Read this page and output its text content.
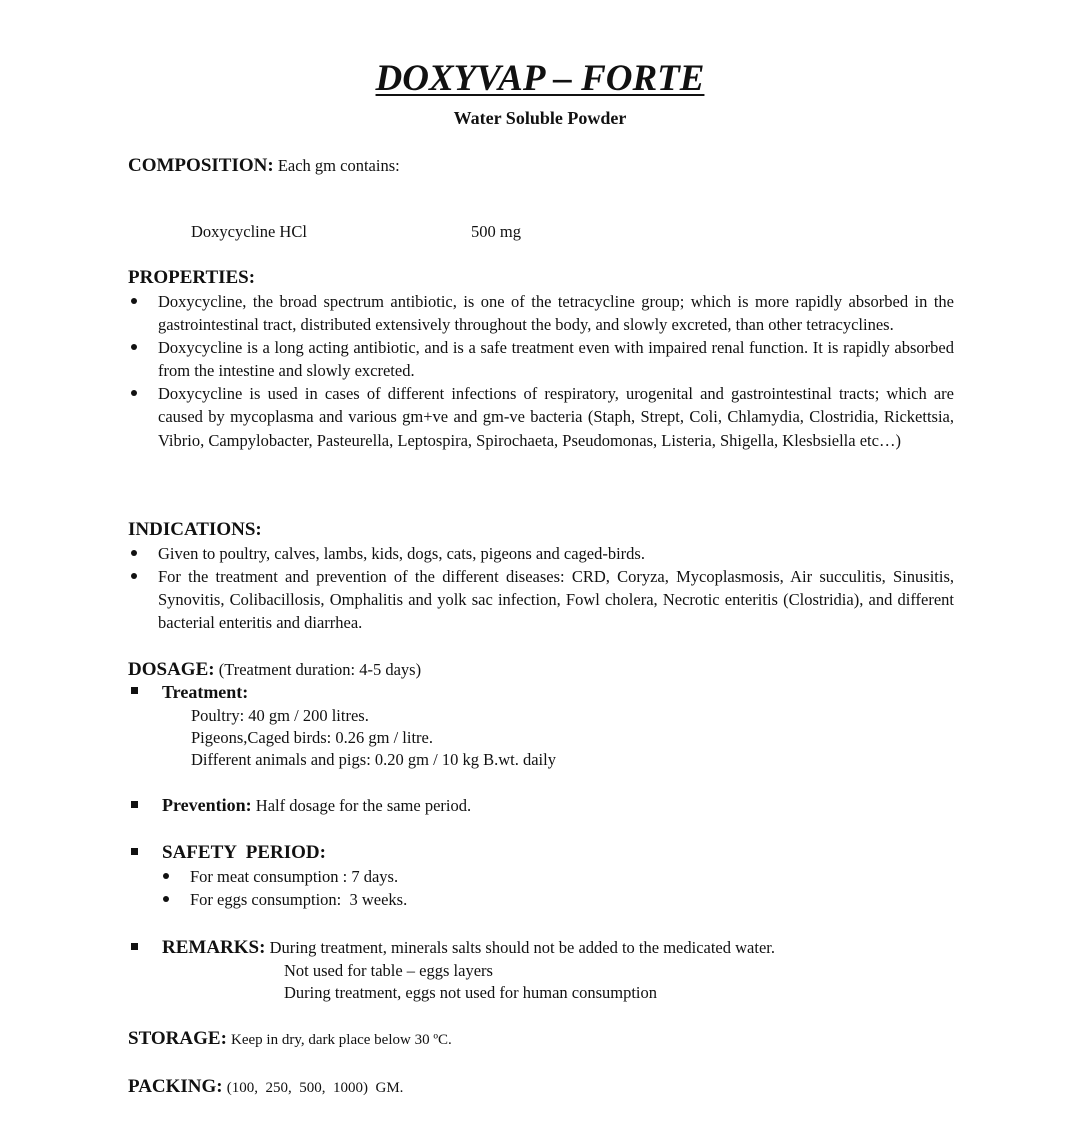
DOXYVAP – FORTE
Water Soluble Powder
COMPOSITION: Each gm contains:
Doxycycline HCl	500 mg
PROPERTIES:
Doxycycline, the broad spectrum antibiotic, is one of the tetracycline group; which is more rapidly absorbed in the gastrointestinal tract, distributed extensively throughout the body, and slowly excreted, than other tetracyclines.
Doxycycline is a long acting antibiotic, and is a safe treatment even with impaired renal function. It is rapidly absorbed from the intestine and slowly excreted.
Doxycycline is used in cases of different infections of respiratory, urogenital and gastrointestinal tracts; which are caused by mycoplasma and various gm+ve and gm-ve bacteria (Staph, Strept, Coli, Chlamydia, Clostridia, Rickettsia, Vibrio, Campylobacter, Pasteurella, Leptospira, Spirochaeta, Pseudomonas, Listeria, Shigella, Klesbsiella etc…)
INDICATIONS:
Given to poultry, calves, lambs, kids, dogs, cats, pigeons and caged-birds.
For the treatment and prevention of the different diseases: CRD, Coryza, Mycoplasmosis, Air succulitis, Sinusitis, Synovitis, Colibacillosis, Omphalitis and yolk sac infection, Fowl cholera, Necrotic enteritis (Clostridia), and different bacterial enteritis and diarrhea.
DOSAGE: (Treatment duration: 4-5 days)
Treatment:
Poultry: 40 gm / 200 litres.
Pigeons,Caged birds: 0.26 gm / litre.
Different animals and pigs: 0.20 gm / 10 kg B.wt. daily
Prevention: Half dosage for the same period.
SAFETY  PERIOD:
For meat consumption : 7 days.
For eggs consumption:  3 weeks.
REMARKS: During treatment, minerals salts should not be added to the medicated water.
Not used for table – eggs layers
During treatment, eggs not used for human consumption
STORAGE: Keep in dry, dark place below 30 ºC.
PACKING: (100,  250,  500,  1000)  GM.
